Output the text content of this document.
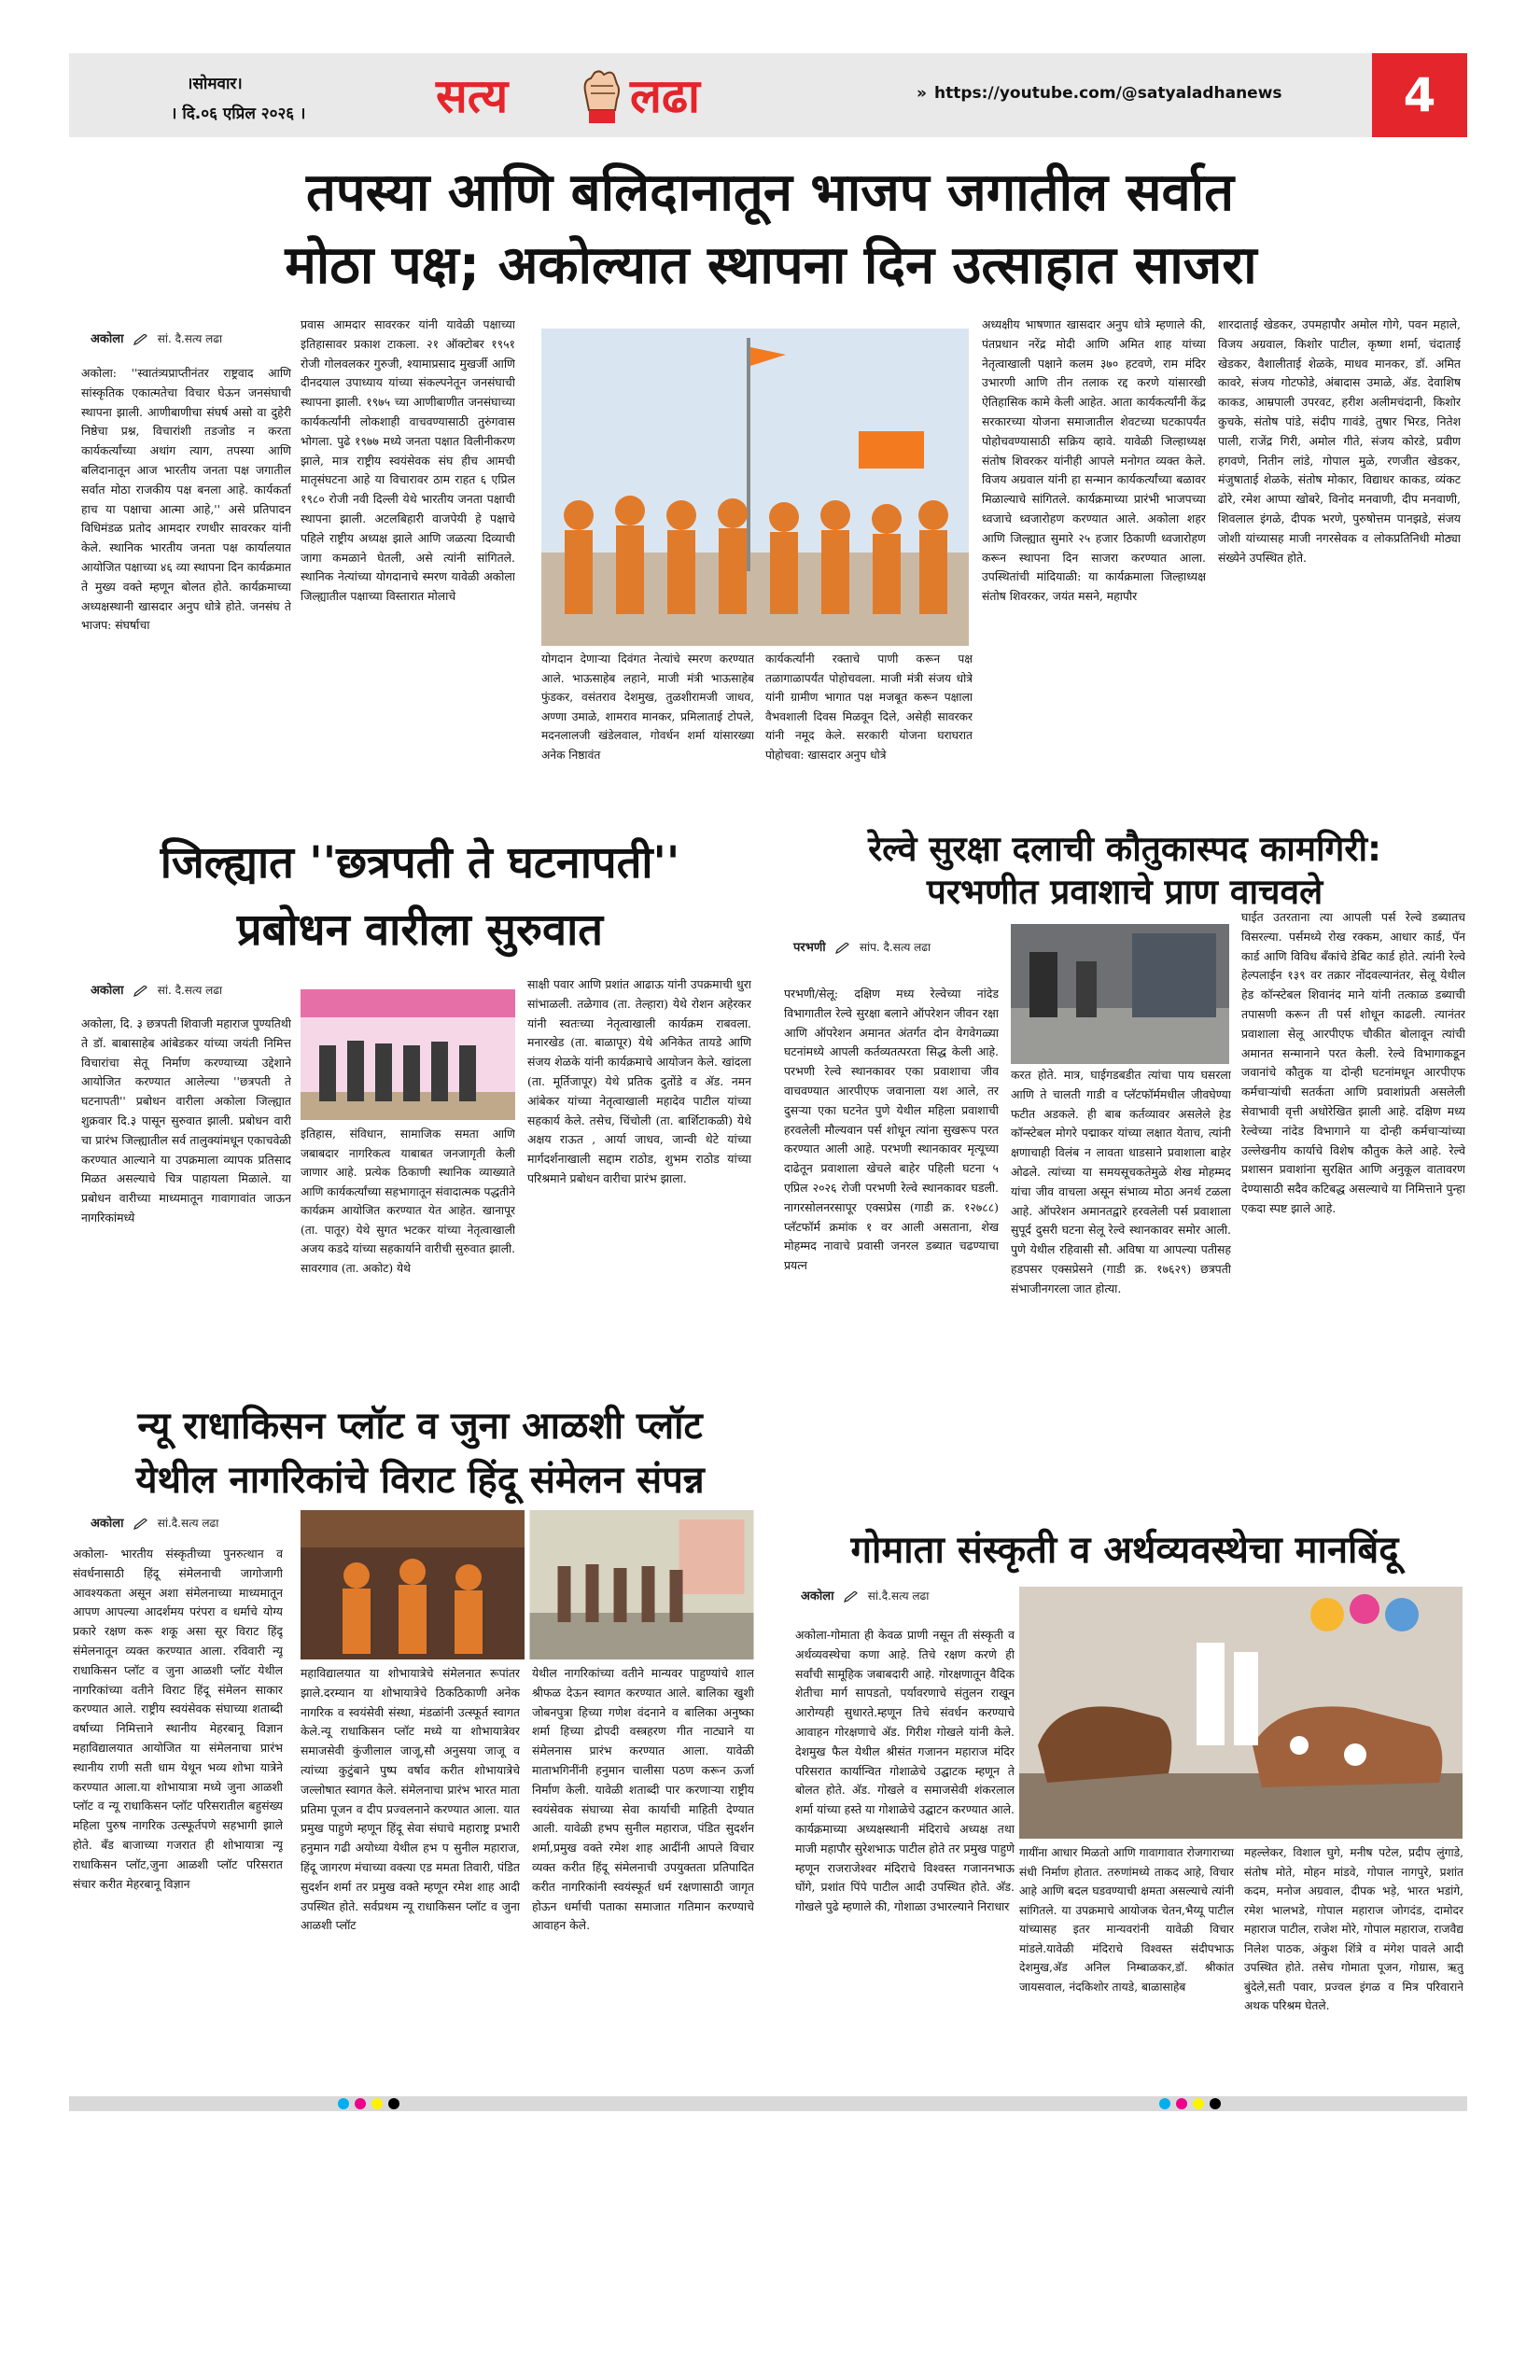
।सोमवार।
। दि.०६ एप्रिल २०२६ ।	सत्य	लढा	» https://youtube.com/@satyaladhanews	4
तपस्या आणि बलिदानातून भाजप जगातील सर्वात
मोठा पक्ष; अकोल्यात स्थापना दिन उत्साहात साजरा
अकोला	सां. दै.सत्य लढा
अकोला: ''स्वातंत्र्यप्राप्तीनंतर राष्ट्रवाद आणि सांस्कृतिक एकात्मतेचा विचार घेऊन जनसंघाची स्थापना झाली. आणीबाणीचा संघर्ष असो वा दुहेरी निष्ठेचा प्रश्न, विचारांशी तडजोड न करता कार्यकर्त्यांच्या अथांग त्याग, तपस्या आणि बलिदानातून आज भारतीय जनता पक्ष जगातील सर्वात मोठा राजकीय पक्ष बनला आहे. कार्यकर्ता हाच या पक्षाचा आत्मा आहे,'' असे प्रतिपादन विधिमंडळ प्रतोद आमदार रणधीर सावरकर यांनी केले. स्थानिक भारतीय जनता पक्ष कार्यालयात आयोजित पक्षाच्या ४६ व्या स्थापना दिन कार्यक्रमात ते मुख्य वक्ते म्हणून बोलत होते. कार्यक्रमाच्या अध्यक्षस्थानी खासदार अनुप धोत्रे होते. जनसंघ ते भाजप: संघर्षाचा
प्रवास आमदार सावरकर यांनी यावेळी पक्षाच्या इतिहासावर प्रकाश टाकला. २१ ऑक्टोबर १९५१ रोजी गोलवलकर गुरुजी, श्यामाप्रसाद मुखर्जी आणि दीनदयाल उपाध्याय यांच्या संकल्पनेतून जनसंघाची स्थापना झाली. १९७५ च्या आणीबाणीत जनसंघाच्या कार्यकर्त्यांनी लोकशाही वाचवण्यासाठी तुरुंगवास भोगला. पुढे १९७७ मध्ये जनता पक्षात विलीनीकरण झाले, मात्र राष्ट्रीय स्वयंसेवक संघ हीच आमची मातृसंघटना आहे या विचारावर ठाम राहत ६ एप्रिल १९८० रोजी नवी दिल्ली येथे भारतीय जनता पक्षाची स्थापना झाली. अटलबिहारी वाजपेयी हे पक्षाचे पहिले राष्ट्रीय अध्यक्ष झाले आणि जळत्या दिव्याची जागा कमळाने घेतली, असे त्यांनी सांगितले. स्थानिक नेत्यांच्या योगदानाचे स्मरण यावेळी अकोला जिल्ह्यातील पक्षाच्या विस्तारात मोलाचे
योगदान देणाऱ्या दिवंगत नेत्यांचे स्मरण करण्यात आले. भाऊसाहेब लहाने, माजी मंत्री भाऊसाहेब फुंडकर, वसंतराव देशमुख, तुळशीरामजी जाधव, अण्णा उमाळे, शामराव मानकर, प्रमिलाताई टोपले, मदनलालजी खंडेलवाल, गोवर्धन शर्मा यांसारख्या अनेक निष्ठावंत
कार्यकर्त्यांनी रक्ताचे पाणी करून पक्ष तळागाळापर्यंत पोहोचवला. माजी मंत्री संजय धोत्रे यांनी ग्रामीण भागात पक्ष मजबूत करून पक्षाला वैभवशाली दिवस मिळवून दिले, असेही सावरकर यांनी नमूद केले. सरकारी योजना घराघरात पोहोचवा: खासदार अनुप धोत्रे
अध्यक्षीय भाषणात खासदार अनुप धोत्रे म्हणाले की, पंतप्रधान नरेंद्र मोदी आणि अमित शाह यांच्या नेतृत्वाखाली पक्षाने कलम ३७० हटवणे, राम मंदिर उभारणी आणि तीन तलाक रद्द करणे यांसारखी ऐतिहासिक कामे केली आहेत. आता कार्यकर्त्यांनी केंद्र सरकारच्या योजना समाजातील शेवटच्या घटकापर्यंत पोहोचवण्यासाठी सक्रिय व्हावे. यावेळी जिल्हाध्यक्ष संतोष शिवरकर यांनीही आपले मनोगत व्यक्त केले. विजय अग्रवाल यांनी हा सन्मान कार्यकर्त्यांच्या बळावर मिळाल्याचे सांगितले. कार्यक्रमाच्या प्रारंभी भाजपच्या ध्वजाचे ध्वजारोहण करण्यात आले. अकोला शहर आणि जिल्ह्यात सुमारे २५ हजार ठिकाणी ध्वजारोहण करून स्थापना दिन साजरा करण्यात आला. उपस्थितांची मांदियाळी: या कार्यक्रमाला जिल्हाध्यक्ष संतोष शिवरकर, जयंत मसने, महापौर
शारदाताई खेडकर, उपमहापौर अमोल गोगे, पवन महाले, विजय अग्रवाल, किशोर पाटील, कृष्णा शर्मा, चंदाताई खेडकर, वैशालीताई शेळके, माधव मानकर, डॉ. अमित कावरे, संजय गोटफोडे, अंबादास उमाळे, ॲड. देवाशिष काकड, आम्रपाली उपरवट, हरीश अलीमचंदानी, किशोर कुचके, संतोष पांडे, संदीप गावंडे, तुषार भिरड, नितेश पाली, राजेंद्र गिरी, अमोल गीते, संजय कोरडे, प्रवीण हगवणे, नितीन लांडे, गोपाल मुळे, रणजीत खेडकर, मंजुषाताई शेळके, संतोष मोकार, विद्याधर काकड, व्यंकट ढोरे, रमेश आप्पा खोबरे, विनोद मनवाणी, दीप मनवाणी, शिवलाल इंगळे, दीपक भरणे, पुरुषोत्तम पानझडे, संजय जोशी यांच्यासह माजी नगरसेवक व लोकप्रतिनिधी मोठ्या संख्येने उपस्थित होते.
जिल्ह्यात ''छत्रपती ते घटनापती''
प्रबोधन वारीला सुरुवात
अकोला	सां. दै.सत्य लढा
अकोला, दि. ३ छत्रपती शिवाजी महाराज पुण्यतिथी ते डॉ. बाबासाहेब आंबेडकर यांच्या जयंती निमित्त विचारांचा सेतू निर्माण करण्याच्या उद्देशाने आयोजित करण्यात आलेल्या ''छत्रपती ते घटनापती'' प्रबोधन वारीला अकोला जिल्ह्यात शुक्रवार दि.३ पासून सुरुवात झाली. प्रबोधन वारी चा प्रारंभ जिल्ह्यातील सर्व तालुक्यांमधून एकाचवेळी करण्यात आल्याने या उपक्रमाला व्यापक प्रतिसाद मिळत असल्याचे चित्र पाहायला मिळाले. या प्रबोधन वारीच्या माध्यमातून गावागावांत जाऊन नागरिकांमध्ये
इतिहास, संविधान, सामाजिक समता आणि जबाबदार नागरिकत्व याबाबत जनजागृती केली जाणार आहे. प्रत्येक ठिकाणी स्थानिक व्याख्याते आणि कार्यकर्त्यांच्या सहभागातून संवादात्मक पद्धतीने कार्यक्रम आयोजित करण्यात येत आहेत. खानापूर (ता. पातूर) येथे सुगत भटकर यांच्या नेतृत्वाखाली अजय कडदे यांच्या सहकार्याने वारीची सुरुवात झाली. सावरगाव (ता. अकोट) येथे
साक्षी पवार आणि प्रशांत आढाऊ यांनी उपक्रमाची धुरा सांभाळली. तळेगाव (ता. तेल्हारा) येथे रोशन अहेरकर यांनी स्वतःच्या नेतृत्वाखाली कार्यक्रम राबवला. मनारखेड (ता. बाळापूर) येथे अनिकेत तायडे आणि संजय शेळके यांनी कार्यक्रमाचे आयोजन केले. खांदला (ता. मूर्तिजापूर) येथे प्रतिक दुतोंडे व ॲड. नमन आंबेकर यांच्या नेतृत्वाखाली महादेव पाटील यांच्या सहकार्य केले. तसेच, चिंचोली (ता. बार्शिटाकळी) येथे अक्षय राऊत , आर्या जाधव, जान्वी थेटे यांच्या मार्गदर्शनाखाली सद्दाम राठोड, शुभम राठोड यांच्या परिश्रमाने प्रबोधन वारीचा प्रारंभ झाला.
रेल्वे सुरक्षा दलाची कौतुकास्पद कामगिरी:
परभणीत प्रवाशाचे प्राण वाचवले
परभणी	सांप. दै.सत्य लढा
परभणी/सेलू: दक्षिण मध्य रेल्वेच्या नांदेड विभागातील रेल्वे सुरक्षा बलाने ऑपरेशन जीवन रक्षा आणि ऑपरेशन अमानत अंतर्गत दोन वेगवेगळ्या घटनांमध्ये आपली कर्तव्यतत्परता सिद्ध केली आहे. परभणी रेल्वे स्थानकावर एका प्रवाशाचा जीव वाचवण्यात आरपीएफ जवानाला यश आले, तर दुसऱ्या एका घटनेत पुणे येथील महिला प्रवाशाची हरवलेली मौल्यवान पर्स शोधून त्यांना सुखरूप परत करण्यात आली आहे. परभणी स्थानकावर मृत्यूच्या दाढेतून प्रवाशाला खेचले बाहेर पहिली घटना ५ एप्रिल २०२६ रोजी परभणी रेल्वे स्थानकावर घडली. नागरसोलनरसापूर एक्सप्रेस (गाडी क्र. १२७८८) प्लॅटफॉर्म क्रमांक १ वर आली असताना, शेख मोहम्मद नावाचे प्रवासी जनरल डब्यात चढण्याचा प्रयत्न
करत होते. मात्र, घाईगडबडीत त्यांचा पाय घसरला आणि ते चालती गाडी व प्लॅटफॉर्ममधील जीवघेण्या फटीत अडकले. ही बाब कर्तव्यावर असलेले हेड कॉन्स्टेबल मोगरे पद्माकर यांच्या लक्षात येताच, त्यांनी क्षणाचाही विलंब न लावता धाडसाने प्रवाशाला बाहेर ओढले. त्यांच्या या समयसूचकतेमुळे शेख मोहम्मद यांचा जीव वाचला असून संभाव्य मोठा अनर्थ टळला आहे. ऑपरेशन अमानतद्वारे हरवलेली पर्स प्रवाशाला सुपूर्द दुसरी घटना सेलू रेल्वे स्थानकावर समोर आली. पुणे येथील रहिवासी सौ. अविषा या आपल्या पतीसह हडपसर एक्सप्रेसने (गाडी क्र. १७६२९) छत्रपती संभाजीनगरला जात होत्या.
घाईत उतरताना त्या आपली पर्स रेल्वे डब्यातच विसरल्या. पर्समध्ये रोख रक्कम, आधार कार्ड, पॅन कार्ड आणि विविध बँकांचे डेबिट कार्ड होते. त्यांनी रेल्वे हेल्पलाईन १३९ वर तक्रार नोंदवल्यानंतर, सेलू येथील हेड कॉन्स्टेबल शिवानंद माने यांनी तत्काळ डब्याची तपासणी करून ती पर्स शोधून काढली. त्यानंतर प्रवाशाला सेलू आरपीएफ चौकीत बोलावून त्यांची अमानत सन्मानाने परत केली. रेल्वे विभागाकडून जवानांचे कौतुक या दोन्ही घटनांमधून आरपीएफ कर्मचाऱ्यांची सतर्कता आणि प्रवाशांप्रती असलेली सेवाभावी वृत्ती अधोरेखित झाली आहे. दक्षिण मध्य रेल्वेच्या नांदेड विभागाने या दोन्ही कर्मचाऱ्यांच्या उल्लेखनीय कार्याचे विशेष कौतुक केले आहे. रेल्वे प्रशासन प्रवाशांना सुरक्षित आणि अनुकूल वातावरण देण्यासाठी सदैव कटिबद्ध असल्याचे या निमित्ताने पुन्हा एकदा स्पष्ट झाले आहे.
न्यू राधाकिसन प्लॉट व जुना आळशी प्लॉट
येथील नागरिकांचे विराट हिंदू संमेलन संपन्न
अकोला	सां.दै.सत्य लढा
अकोला- भारतीय संस्कृतीच्या पुनरुत्थान व संवर्धनासाठी हिंदू संमेलनाची जागोजागी आवश्यकता असून अशा संमेलनाच्या माध्यमातून आपण आपल्या आदर्शमय परंपरा व धर्माचे योग्य प्रकारे रक्षण करू शकू असा सूर विराट हिंदू संमेलनातून व्यक्त करण्यात आला. रविवारी न्यू राधाकिसन प्लॉट व जुना आळशी प्लॉट येथील नागरिकांच्या वतीने विराट हिंदू संमेलन साकार करण्यात आले. राष्ट्रीय स्वयंसेवक संघाच्या शताब्दी वर्षाच्या निमित्ताने स्थानीय मेहरबानू विज्ञान महाविद्यालयात आयोजित या संमेलनाचा प्रारंभ स्थानीय राणी सती धाम येथून भव्य शोभा यात्रेने करण्यात आला.या शोभायात्रा मध्ये जुना आळशी प्लॉट व न्यू राधाकिसन प्लॉट परिसरातील बहुसंख्य महिला पुरुष नागरिक उत्स्फूर्तपणे सहभागी झाले होते. बँड बाजाच्या गजरात ही शोभायात्रा न्यू राधाकिसन प्लॉट,जुना आळशी प्लॉट परिसरात संचार करीत मेहरबानू विज्ञान
महाविद्यालयात या शोभायात्रेचे संमेलनात रूपांतर झाले.दरम्यान या शोभायात्रेचे ठिकठिकाणी अनेक नागरिक व स्वयंसेवी संस्था, मंडळांनी उत्स्फूर्त स्वागत केले.न्यू राधाकिसन प्लॉट मध्ये या शोभायात्रेवर समाजसेवी कुंजीलाल जाजू,सौ अनुसया जाजू व त्यांच्या कुटुंबाने पुष्प वर्षाव करीत शोभायात्रेचे जल्लोषात स्वागत केले. संमेलनाचा प्रारंभ भारत माता प्रतिमा पूजन व दीप प्रज्वलनाने करण्यात आला. यात प्रमुख पाहुणे म्हणून हिंदू सेवा संघाचे महाराष्ट्र प्रभारी हनुमान गढी अयोध्या येथील हभ प सुनील महाराज, हिंदू जागरण मंचाच्या वक्त्या एड ममता तिवारी, पंडित सुदर्शन शर्मा तर प्रमुख वक्ते म्हणून रमेश शाह आदी उपस्थित होते. सर्वप्रथम न्यू राधाकिसन प्लॉट व जुना आळशी प्लॉट
येथील नागरिकांच्या वतीने मान्यवर पाहुण्यांचे शाल श्रीफळ देऊन स्वागत करण्यात आले. बालिका खुशी जोबनपुत्रा हिच्या गणेश वंदनाने व बालिका अनुष्का शर्मा हिच्या द्रोपदी वस्त्रहरण गीत नाट्याने या संमेलनास प्रारंभ करण्यात आला. यावेळी माताभगिनींनी हनुमान चालीसा पठण करून ऊर्जा निर्माण केली. यावेळी शताब्दी पार करणाऱ्या राष्ट्रीय स्वयंसेवक संघाच्या सेवा कार्याची माहिती देण्यात आली. यावेळी हभप सुनील महाराज, पंडित सुदर्शन शर्मा,प्रमुख वक्ते रमेश शाह आदींनी आपले विचार व्यक्त करीत हिंदू संमेलनाची उपयुक्तता प्रतिपादित करीत नागरिकांनी स्वयंस्फूर्त धर्म रक्षणासाठी जागृत होऊन धर्माची पताका समाजात गतिमान करण्याचे आवाहन केले.
गोमाता संस्कृती व अर्थव्यवस्थेचा मानबिंदू
अकोला	सां.दै.सत्य लढा
अकोला-गोमाता ही केवळ प्राणी नसून ती संस्कृती व अर्थव्यवस्थेचा कणा आहे. तिचे रक्षण करणे ही सर्वांची सामूहिक जबाबदारी आहे. गोरक्षणातून वैदिक शेतीचा मार्ग सापडतो, पर्यावरणाचे संतुलन राखून आरोग्यही सुधारते.म्हणून तिचे संवर्धन करण्याचे आवाहन गोरक्षणाचे अ‍ॅड. गिरीश गोखले यांनी केले. देशमुख फैल येथील श्रीसंत गजानन महाराज मंदिर परिसरात कार्यान्वित गोशाळेचे उद्घाटक म्हणून ते बोलत होते. अ‍ॅड. गोखले व समाजसेवी शंकरलाल शर्मा यांच्या हस्ते या गोशाळेचे उद्घाटन करण्यात आले. कार्यक्रमाच्या अध्यक्षस्थानी मंदिराचे अध्यक्ष तथा माजी महापौर सुरेशभाऊ पाटील होते तर प्रमुख पाहुणे म्हणून राजराजेश्वर मंदिराचे विश्वस्त गजाननभाऊ घोंगे, प्रशांत पिंपे पाटील आदी उपस्थित होते. अ‍ॅड. गोखले पुढे म्हणाले की, गोशाळा उभारल्याने निराधार
गायींना आधार मिळतो आणि गावागावात रोजगाराच्या संधी निर्माण होतात. तरुणांमध्ये ताकद आहे, विचार आहे आणि बदल घडवण्याची क्षमता असल्याचे त्यांनी सांगितले. या उपक्रमाचे आयोजक चेतन,भैय्यू पाटील यांच्यासह इतर मान्यवरांनी यावेळी विचार मांडले.यावेळी मंदिराचे विश्वस्त संदीपभाऊ देशमुख,अ‍ॅड अनिल निम्बाळकर,डॉ. श्रीकांत जायसवाल, नंदकिशोर तायडे, बाळासाहेब
महल्लेकर, विशाल घुगे, मनीष पटेल, प्रदीप लुंगाडे, संतोष मोते, मोहन मांडवे, गोपाल नागपुरे, प्रशांत कदम, मनोज अग्रवाल, दीपक भड़े, भारत भडांगे, रमेश भालभडे, गोपाल महाराज जोगदंड, दामोदर महाराज पाटील, राजेश मोरे, गोपाल महाराज, राजवैद्य निलेश पाठक, अंकुश शिंत्रे व मंगेश पावले आदी उपस्थित होते. तसेच गोमाता पूजन, गोग्रास, ऋतु बुंदेले,सती पवार, प्रज्वल इंगळ व मित्र परिवाराने अथक परिश्रम घेतले.
